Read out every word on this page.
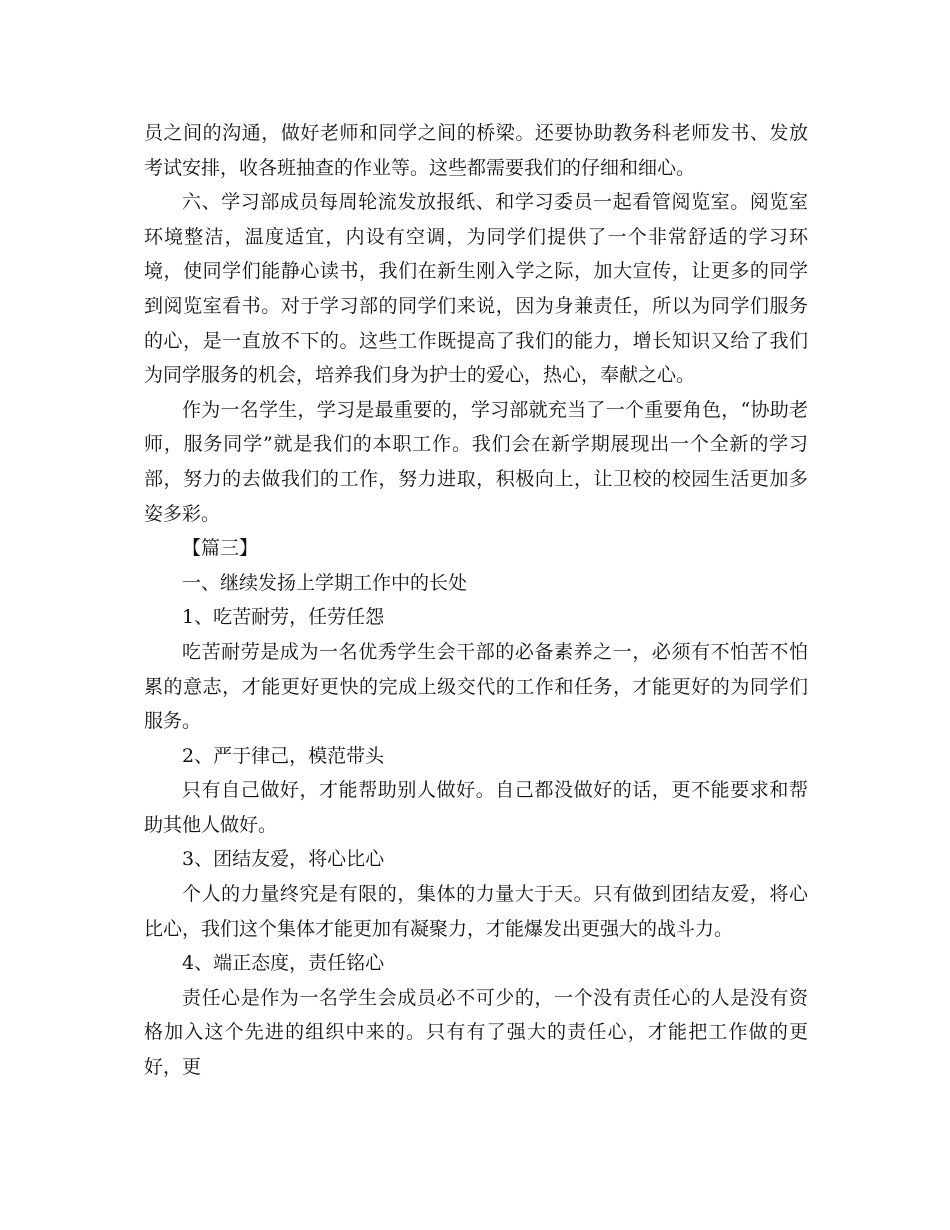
员之间的沟通，做好老师和同学之间的桥梁。还要协助教务科老师发书、发放考试安排，收各班抽查的作业等。这些都需要我们的仔细和细心。

六、学习部成员每周轮流发放报纸、和学习委员一起看管阅览室。阅览室环境整洁，温度适宜，内设有空调，为同学们提供了一个非常舒适的学习环境，使同学们能静心读书，我们在新生刚入学之际，加大宣传，让更多的同学到阅览室看书。对于学习部的同学们来说，因为身兼责任，所以为同学们服务的心，是一直放不下的。这些工作既提高了我们的能力，增长知识又给了我们为同学服务的机会，培养我们身为护士的爱心，热心，奉献之心。

作为一名学生，学习是最重要的，学习部就充当了一个重要角色，“协助老师，服务同学”就是我们的本职工作。我们会在新学期展现出一个全新的学习部，努力的去做我们的工作，努力进取，积极向上，让卫校的校园生活更加多姿多彩。

【篇三】

一、继续发扬上学期工作中的长处

1、吃苦耐劳，任劳任怨

吃苦耐劳是成为一名优秀学生会干部的必备素养之一，必须有不怕苦不怕累的意志，才能更好更快的完成上级交代的工作和任务，才能更好的为同学们服务。

2、严于律己，模范带头

只有自己做好，才能帮助别人做好。自己都没做好的话，更不能要求和帮助其他人做好。

3、团结友爱，将心比心

个人的力量终究是有限的，集体的力量大于天。只有做到团结友爱，将心比心，我们这个集体才能更加有凝聚力，才能爆发出更强大的战斗力。

4、端正态度，责任铭心

责任心是作为一名学生会成员必不可少的，一个没有责任心的人是没有资格加入这个先进的组织中来的。只有有了强大的责任心，才能把工作做的更好，更
